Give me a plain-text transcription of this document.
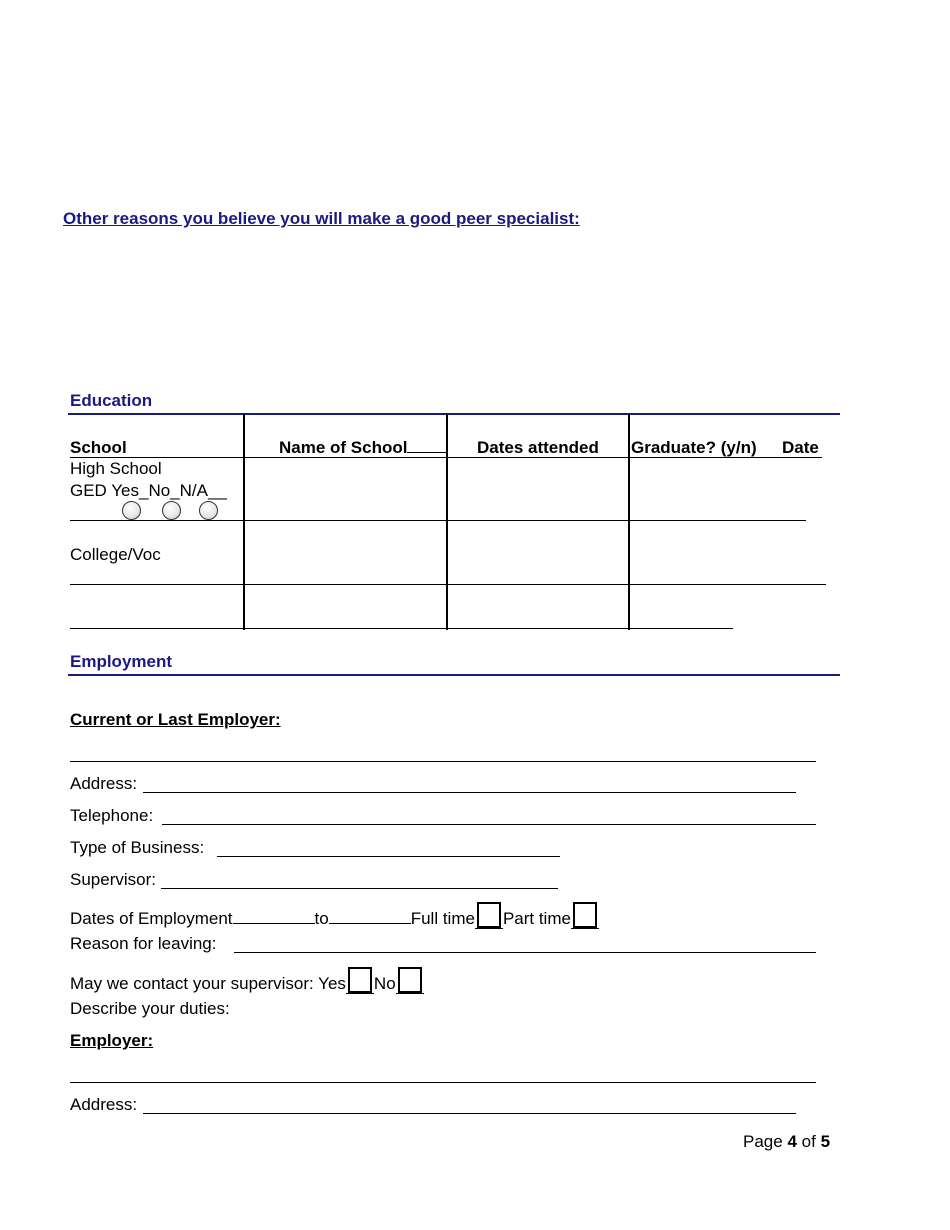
Other reasons you believe you will make a good peer specialist:
Education
School	Name of School	Dates attended Graduate? (y/n) Date
High School
GED Yes_No_N/A__
College/Voc
Employment
Current or Last Employer:
Address:
Telephone:
Type of Business:
Supervisor:
Dates of Employment	to	Full time Part time
Reason for leaving:
May we contact your supervisor: Yes No
Describe your duties:
Employer:
Address:
Page 4 of 5
